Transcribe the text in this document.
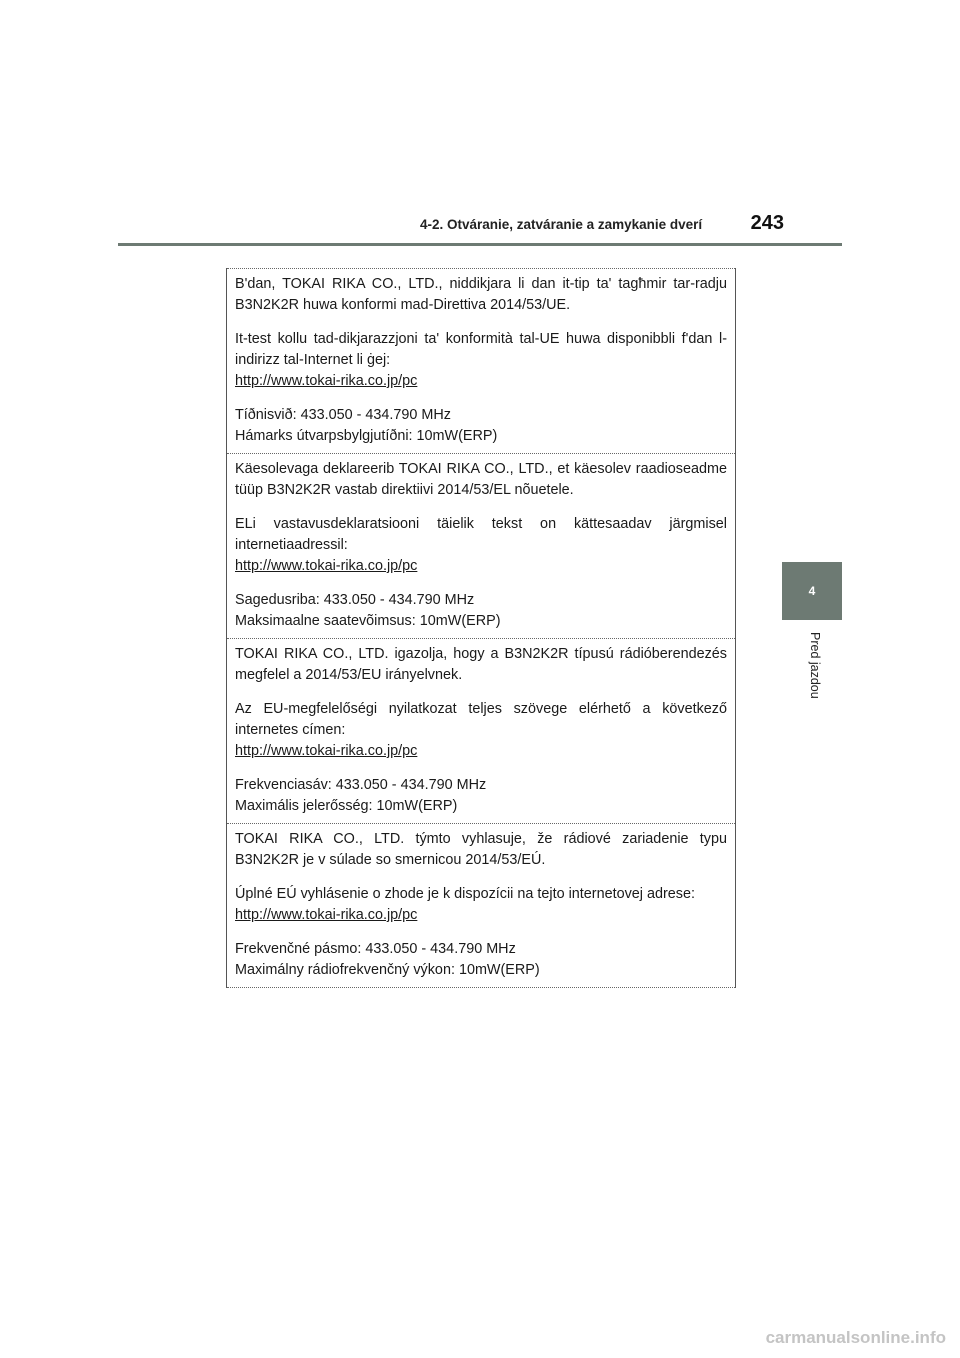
4-2. Otváranie, zatváranie a zamykanie dverí	243
4
Pred jazdou

B'dan, TOKAI RIKA CO., LTD., niddikjara li dan it-tip ta' tagħmir tar-radju B3N2K2R huwa konformi mad-Direttiva 2014/53/UE.

It-test kollu tad-dikjarazzjoni ta' konformità tal-UE huwa disponibbli f'dan l-indirizz tal-Internet li ġej:

http://www.tokai-rika.co.jp/pc

Tíðnisvið: 433.050 - 434.790 MHz

Hámarks útvarpsbylgjutíðni: 10mW(ERP)

Käesolevaga deklareerib TOKAI RIKA CO., LTD., et käesolev raadioseadme tüüp B3N2K2R vastab direktiivi 2014/53/EL nõuetele.

ELi vastavusdeklaratsiooni täielik tekst on kättesaadav järgmisel internetiaadressil:

http://www.tokai-rika.co.jp/pc

Sagedusriba: 433.050 - 434.790 MHz

Maksimaalne saatevõimsus: 10mW(ERP)

TOKAI RIKA CO., LTD. igazolja, hogy a B3N2K2R típusú rádióberendezés megfelel a 2014/53/EU irányelvnek.

Az EU-megfelelőségi nyilatkozat teljes szövege elérhető a következő internetes címen:

http://www.tokai-rika.co.jp/pc

Frekvenciasáv: 433.050 - 434.790 MHz

Maximális jelerősség: 10mW(ERP)

TOKAI RIKA CO., LTD. týmto vyhlasuje, že rádiové zariadenie typu B3N2K2R je v súlade so smernicou 2014/53/EÚ.

Úplné EÚ vyhlásenie o zhode je k dispozícii na tejto internetovej adrese:

http://www.tokai-rika.co.jp/pc

Frekvenčné pásmo: 433.050 - 434.790 MHz

Maximálny rádiofrekvenčný výkon: 10mW(ERP)

carmanualsonline.info
